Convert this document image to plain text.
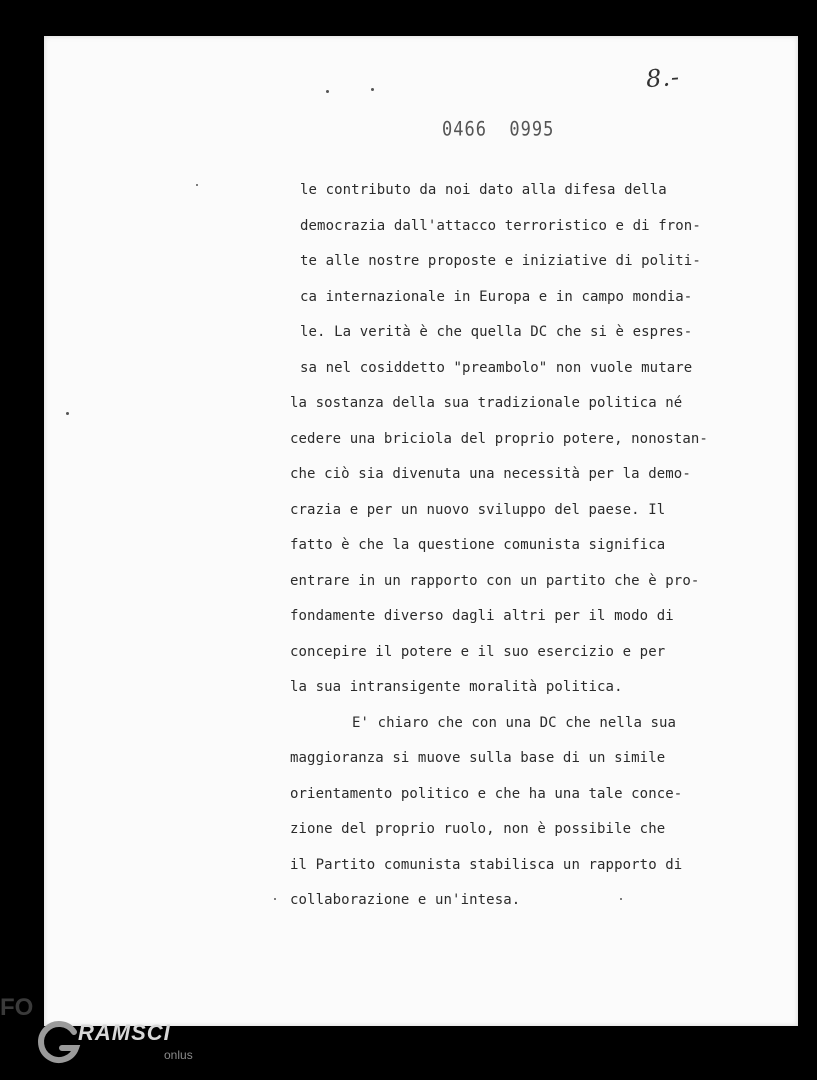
8.-
0466  0995
le contributo da noi dato alla difesa della
democrazia dall'attacco terroristico e di fron-
te alle nostre proposte e iniziative di politi-
ca internazionale in Europa e in campo mondia-
le. La verità è che quella DC che si è espres-
sa nel cosiddetto "preambolo" non vuole mutare
la sostanza della sua tradizionale politica né
cedere una briciola del proprio potere, nonostan-
che ciò sia divenuta una necessità per la demo-
crazia e per un nuovo sviluppo del paese. Il
fatto è che la questione comunista significa
entrare in un rapporto con un partito che è pro-
fondamente diverso dagli altri per il modo di
concepire il potere e il suo esercizio e per
la sua intransigente moralità politica.
E' chiaro che con una DC che nella sua
maggioranza si muove sulla base di un simile
orientamento politico e che ha una tale conce-
zione del proprio ruolo, non è possibile che
il Partito comunista stabilisca un rapporto di
collaborazione e un'intesa.
FO
RAMSCI
onlus
